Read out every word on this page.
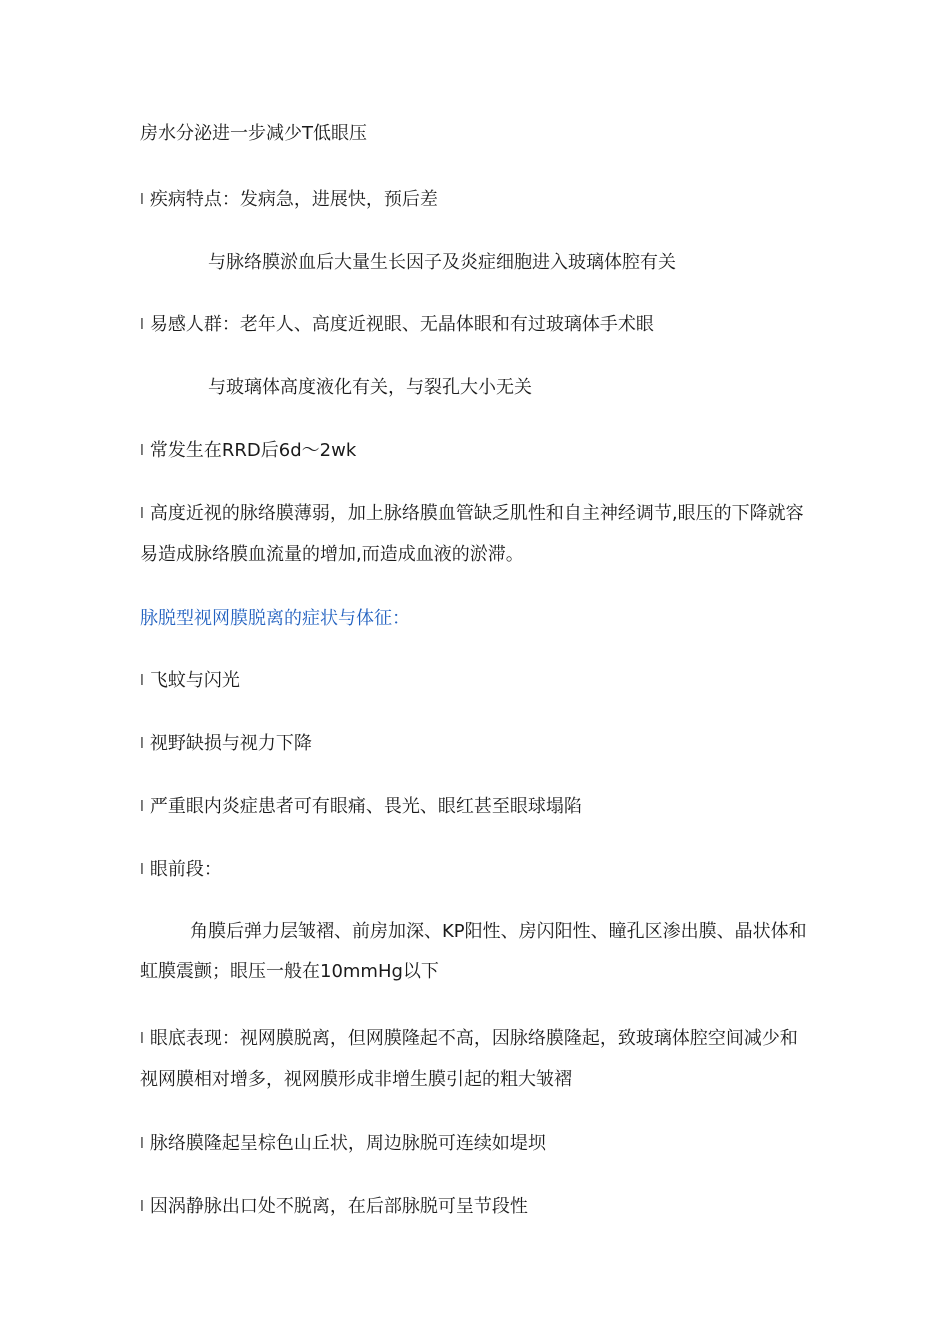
房水分泌进一步减少T低眼压
l 疾病特点：发病急，进展快，预后差
与脉络膜淤血后大量生长因子及炎症细胞进入玻璃体腔有关
l 易感人群：老年人、高度近视眼、无晶体眼和有过玻璃体手术眼
与玻璃体高度液化有关，与裂孔大小无关
l 常发生在RRD后6d〜2wk
l 高度近视的脉络膜薄弱，加上脉络膜血管缺乏肌性和自主神经调节,眼压的下降就容易造成脉络膜血流量的增加,而造成血液的淤滞。
脉脱型视网膜脱离的症状与体征：
l 飞蚊与闪光
l 视野缺损与视力下降
l 严重眼内炎症患者可有眼痛、畏光、眼红甚至眼球塌陷
l 眼前段：
角膜后弹力层皱褶、前房加深、KP阳性、房闪阳性、瞳孔区渗出膜、晶状体和虹膜震颤；眼压一般在10mmHg以下
l 眼底表现：视网膜脱离，但网膜隆起不高，因脉络膜隆起，致玻璃体腔空间减少和视网膜相对增多，视网膜形成非增生膜引起的粗大皱褶
l 脉络膜隆起呈棕色山丘状，周边脉脱可连续如堤坝
l 因涡静脉出口处不脱离，在后部脉脱可呈节段性
